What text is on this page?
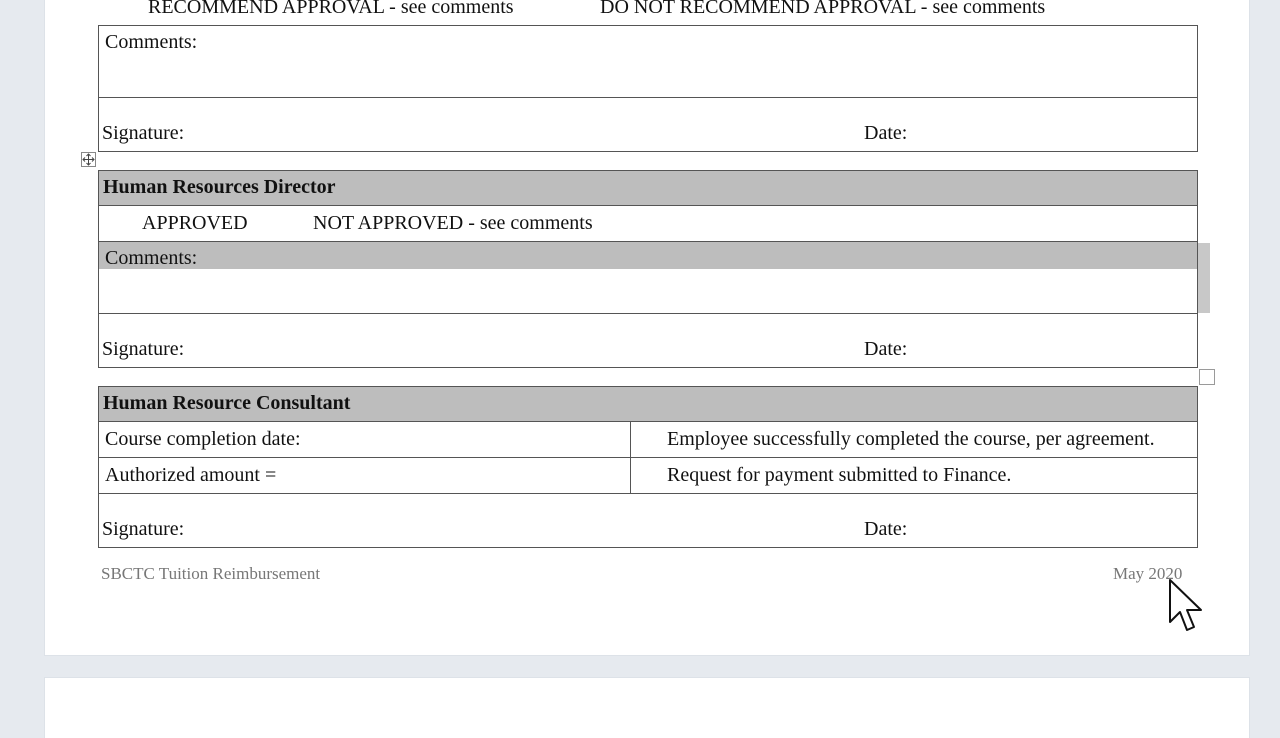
RECOMMEND APPROVAL - see comments	DO NOT RECOMMEND APPROVAL - see comments
Comments:
Signature:	Date:
Human Resources Director
APPROVED	NOT APPROVED - see comments
Comments:
Signature:	Date:
Human Resource Consultant
Course completion date:	Employee successfully completed the course, per agreement.
Authorized amount =	Request for payment submitted to Finance.
Signature:	Date:
SBCTC Tuition Reimbursement	May 2020
